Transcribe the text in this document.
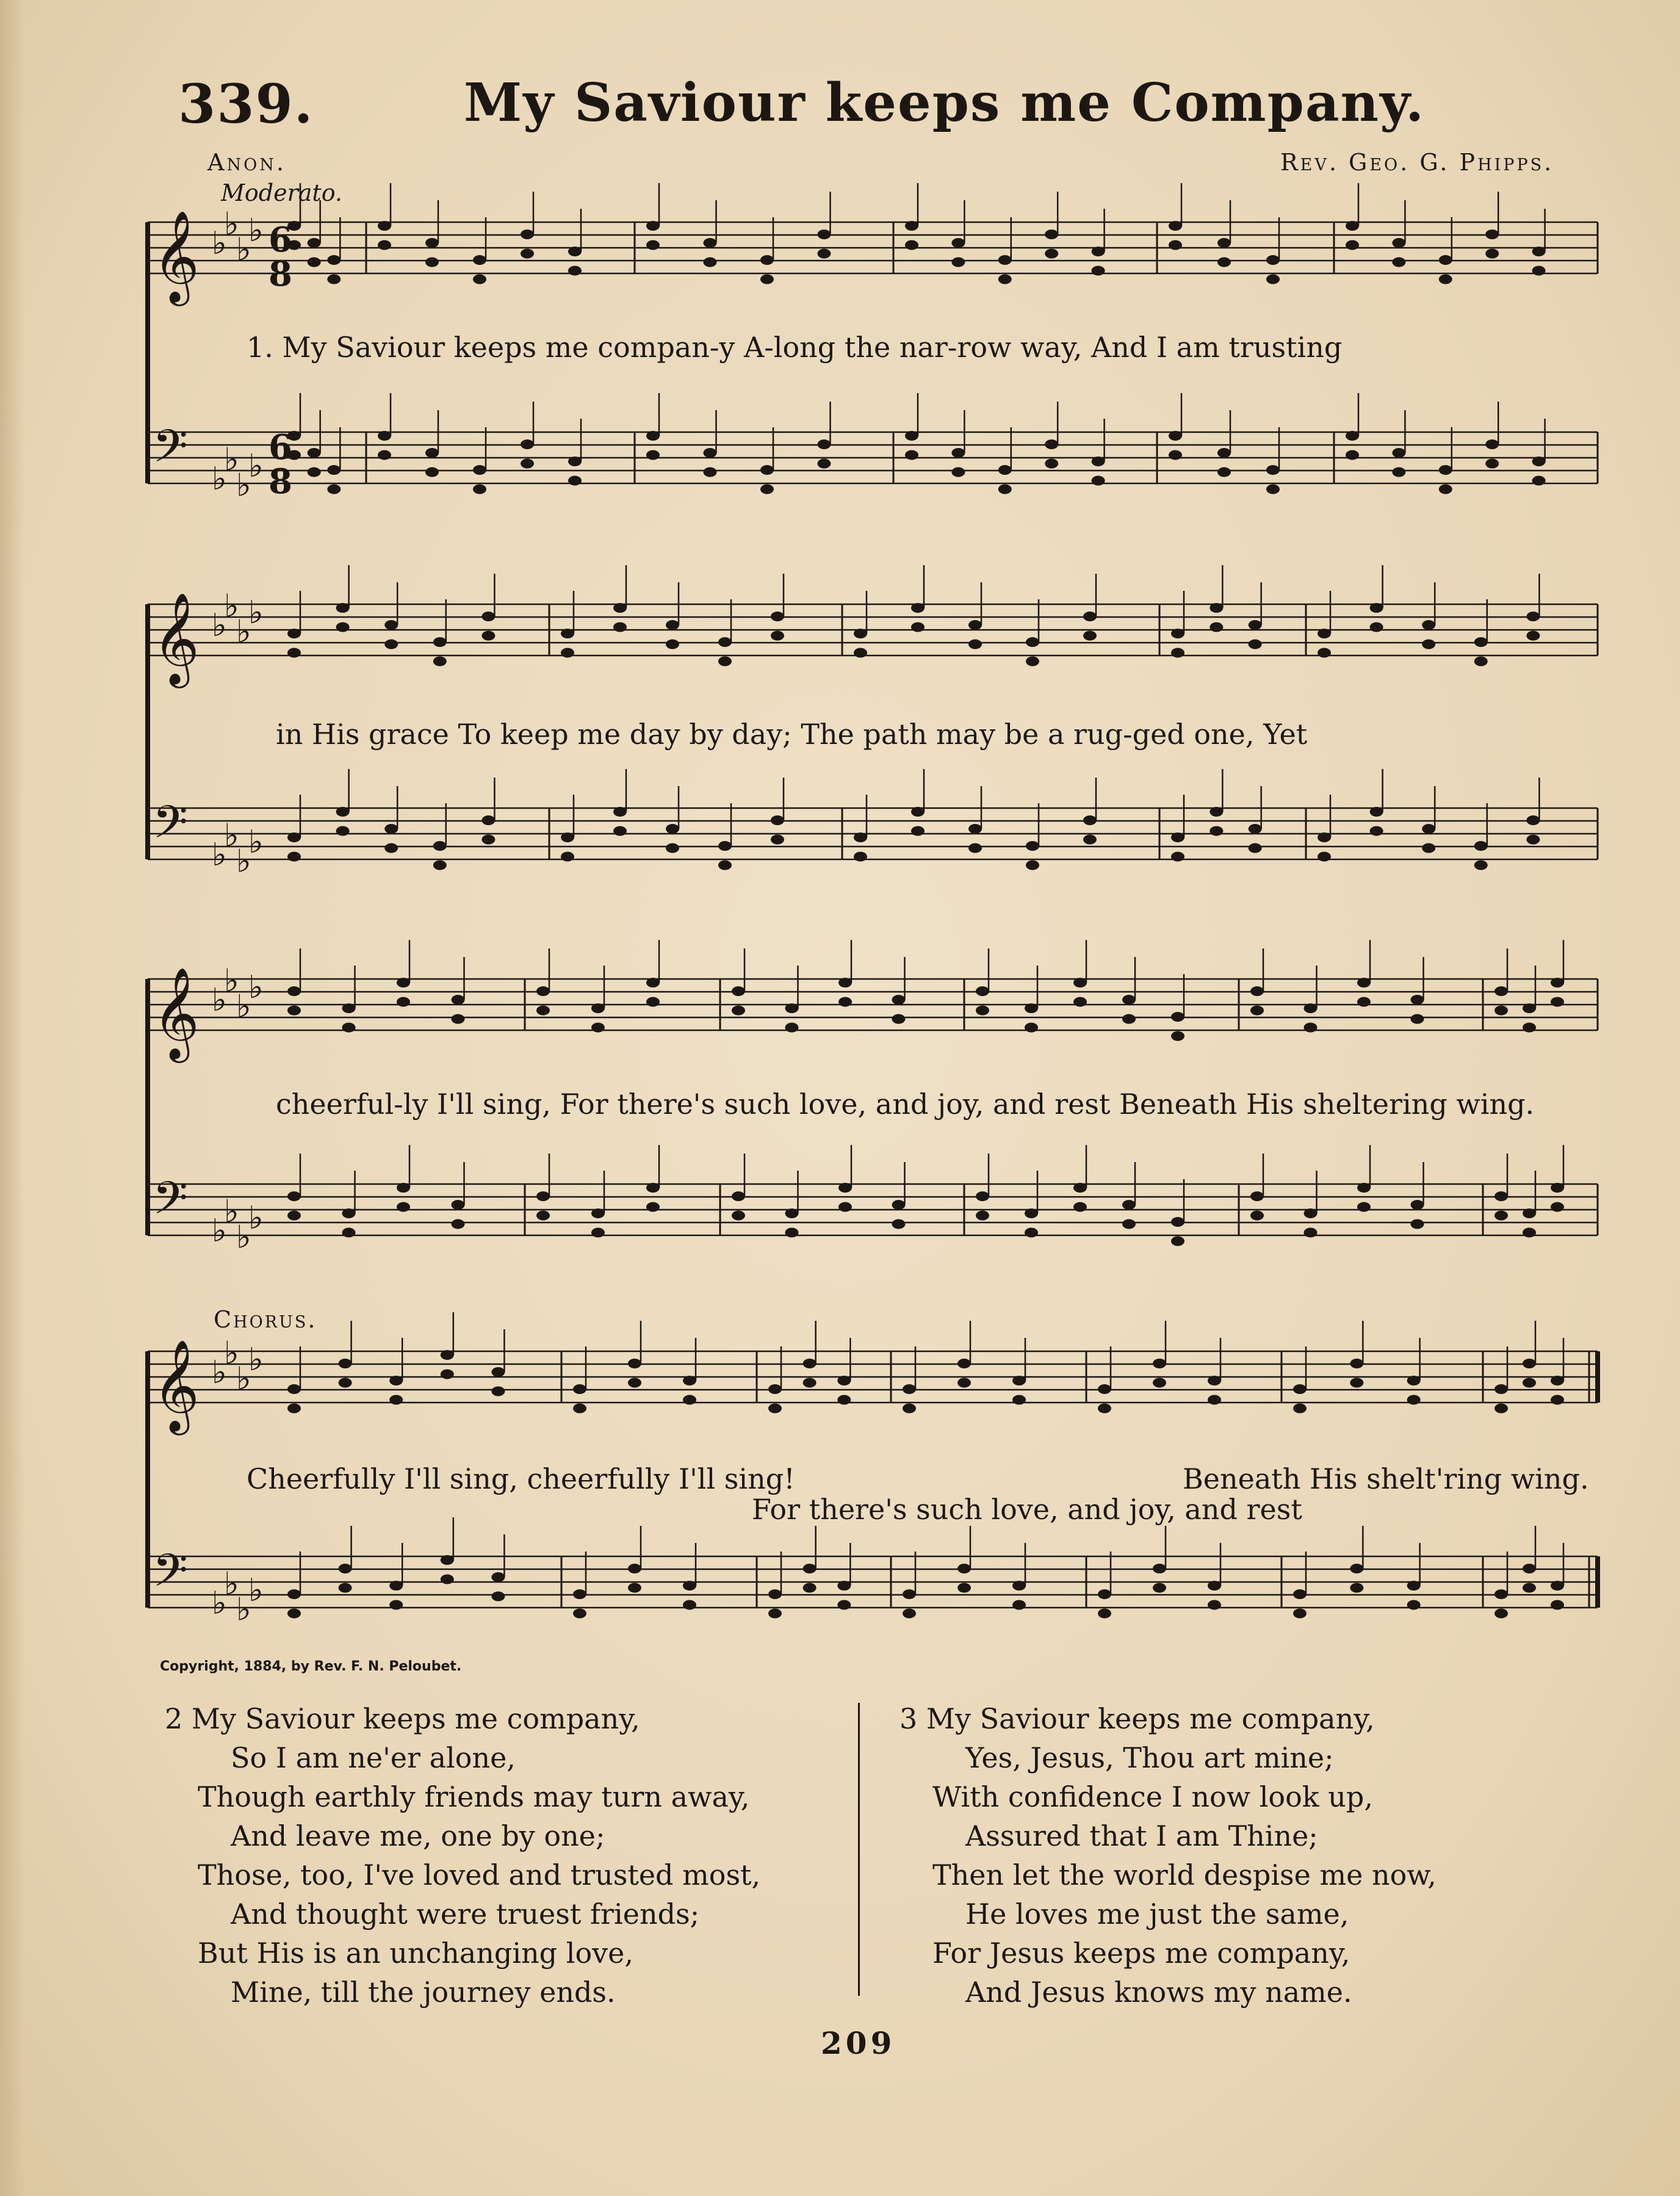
339.	My Saviour keeps me Company.
Anon.	Rev. Geo. G. Phipps.
Moderato.
𝄞 ♭
♭
♭
♭
𝄢 ♭
♭
♭
♭
𝄞 ♭
♭
♭
♭
𝄢 ♭
♭
♭
♭
𝄞 ♭
♭
♭
♭
𝄢 ♭
♭
♭
♭
𝄞 ♭
♭
♭
♭
𝄢 ♭
♭
♭
♭
6
8
6
8
1. My Saviour keeps me compan-y A-long the nar-row way, And I am trusting
in His grace To keep me day by day; The path may be a rug-ged one, Yet
cheerful-ly I'll sing, For there's such love, and joy, and rest Beneath His sheltering wing.
Chorus.
Cheerfully I'll sing, cheerfully I'll sing!	Beneath His shelt'ring wing.
For there's such love, and joy, and rest
Copyright, 1884, by Rev. F. N. Peloubet.
2 My Saviour keeps me company,
So I am ne'er alone,
Though earthly friends may turn away,
And leave me, one by one;
Those, too, I've loved and trusted most,
And thought were truest friends;
But His is an unchanging love,
Mine, till the journey ends.
3 My Saviour keeps me company,
Yes, Jesus, Thou art mine;
With confidence I now look up,
Assured that I am Thine;
Then let the world despise me now,
He loves me just the same,
For Jesus keeps me company,
And Jesus knows my name.
209
